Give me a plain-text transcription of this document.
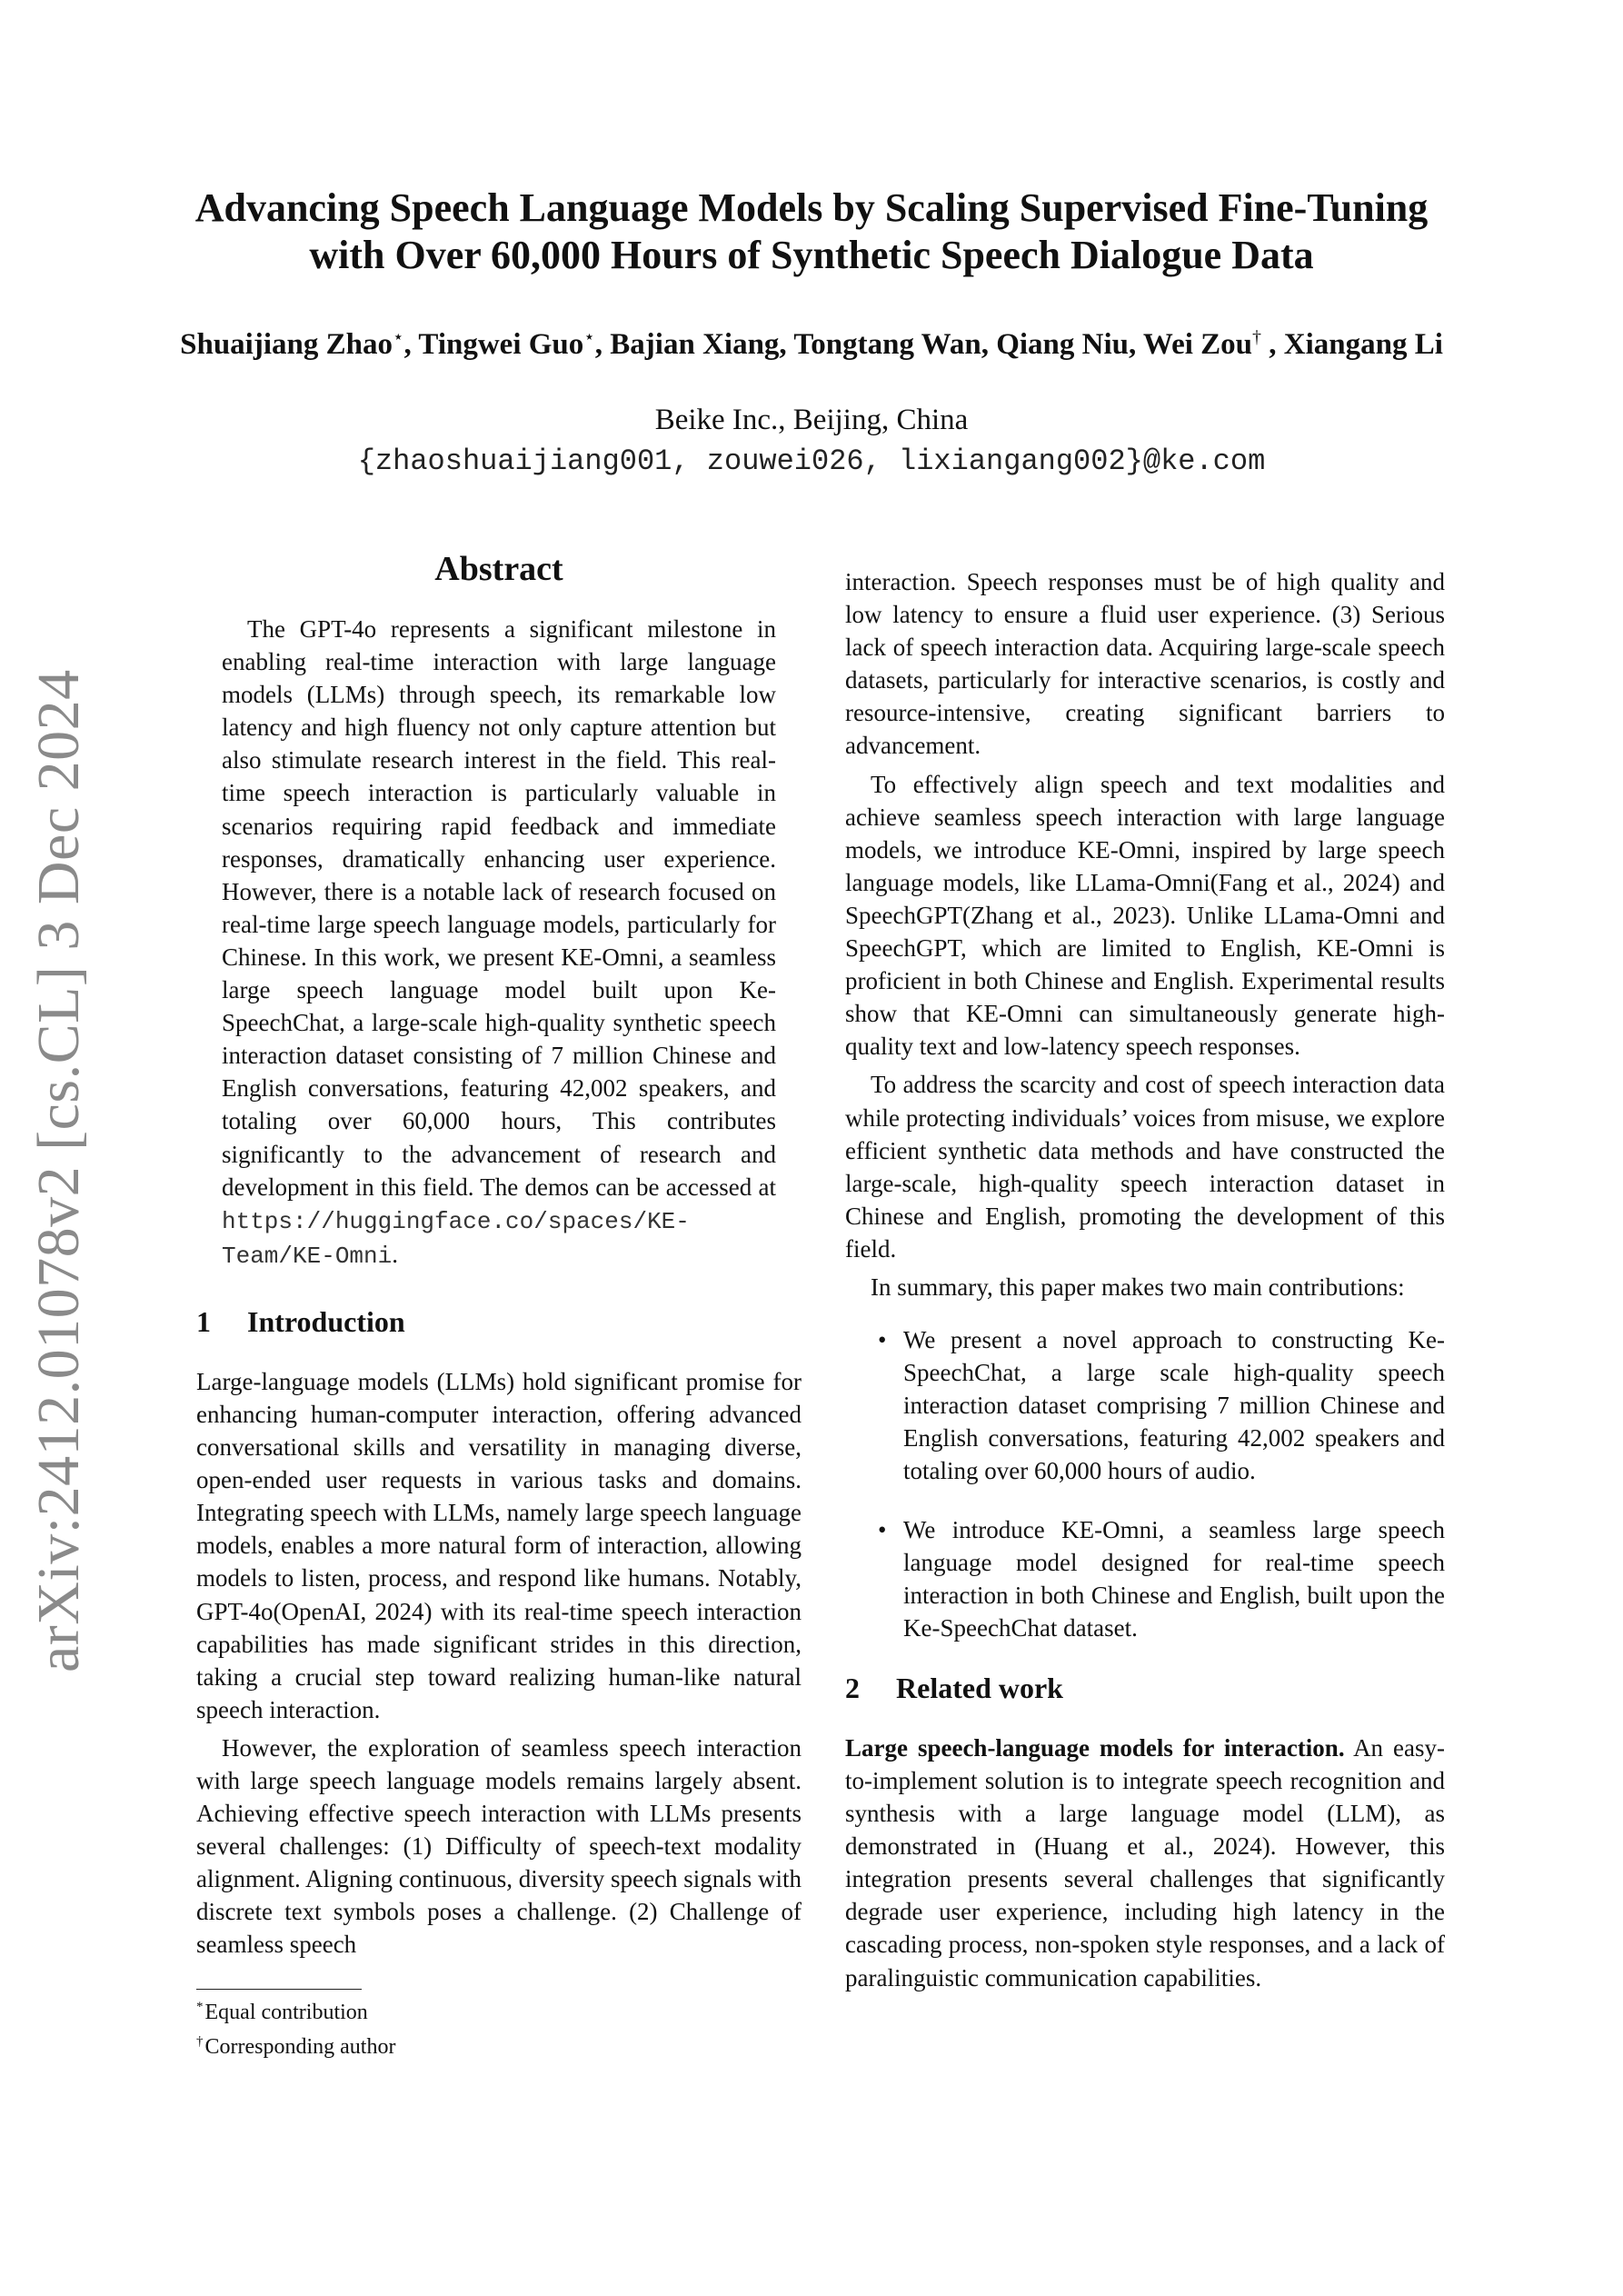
arXiv:2412.01078v2 [cs.CL] 3 Dec 2024
Advancing Speech Language Models by Scaling Supervised Fine-Tuning
with Over 60,000 Hours of Synthetic Speech Dialogue Data
Shuaijiang Zhao⋆, Tingwei Guo⋆, Bajian Xiang, Tongtang Wan, Qiang Niu, Wei Zou† , Xiangang Li
Beike Inc., Beijing, China
{zhaoshuaijiang001, zouwei026, lixiangang002}@ke.com
Abstract

The GPT-4o represents a significant milestone in enabling real-time interaction with large language models (LLMs) through speech, its remarkable low latency and high fluency not only capture attention but also stimulate research interest in the field. This real-time speech interaction is particularly valuable in scenarios requiring rapid feedback and immediate responses, dramatically enhancing user experience. However, there is a notable lack of research focused on real-time large speech language models, particularly for Chinese. In this work, we present KE-Omni, a seamless large speech language model built upon Ke-SpeechChat, a large-scale high-quality synthetic speech interaction dataset consisting of 7 million Chinese and English conversations, featuring 42,002 speakers, and totaling over 60,000 hours, This contributes significantly to the advancement of research and development in this field. The demos can be accessed at https://huggingface.co/spaces/KE-Team/KE-Omni.

1 Introduction

Large-language models (LLMs) hold significant promise for enhancing human-computer interaction, offering advanced conversational skills and versatility in managing diverse, open-ended user requests in various tasks and domains. Integrating speech with LLMs, namely large speech language models, enables a more natural form of interaction, allowing models to listen, process, and respond like humans. Notably, GPT-4o(OpenAI, 2024) with its real-time speech interaction capabilities has made significant strides in this direction, taking a crucial step toward realizing human-like natural speech interaction.

However, the exploration of seamless speech interaction with large speech language models remains largely absent. Achieving effective speech interaction with LLMs presents several challenges: (1) Difficulty of speech-text modality alignment. Aligning continuous, diversity speech signals with discrete text symbols poses a challenge. (2) Challenge of seamless speech

*Equal contribution
†Corresponding author

interaction. Speech responses must be of high quality and low latency to ensure a fluid user experience. (3) Serious lack of speech interaction data. Acquiring large-scale speech datasets, particularly for interactive scenarios, is costly and resource-intensive, creating significant barriers to advancement.

To effectively align speech and text modalities and achieve seamless speech interaction with large language models, we introduce KE-Omni, inspired by large speech language models, like LLama-Omni(Fang et al., 2024) and SpeechGPT(Zhang et al., 2023). Unlike LLama-Omni and SpeechGPT, which are limited to English, KE-Omni is proficient in both Chinese and English. Experimental results show that KE-Omni can simultaneously generate high-quality text and low-latency speech responses.

To address the scarcity and cost of speech interaction data while protecting individuals’ voices from misuse, we explore efficient synthetic data methods and have constructed the large-scale, high-quality speech interaction dataset in Chinese and English, promoting the development of this field.

In summary, this paper makes two main contributions:

• We present a novel approach to constructing Ke-SpeechChat, a large scale high-quality speech interaction dataset comprising 7 million Chinese and English conversations, featuring 42,002 speakers and totaling over 60,000 hours of audio.
• We introduce KE-Omni, a seamless large speech language model designed for real-time speech interaction in both Chinese and English, built upon the Ke-SpeechChat dataset.
2 Related work

Large speech-language models for interaction. An easy-to-implement solution is to integrate speech recognition and synthesis with a large language model (LLM), as demonstrated in (Huang et al., 2024). However, this integration presents several challenges that significantly degrade user experience, including high latency in the cascading process, non-spoken style responses, and a lack of paralinguistic communication capabilities.
